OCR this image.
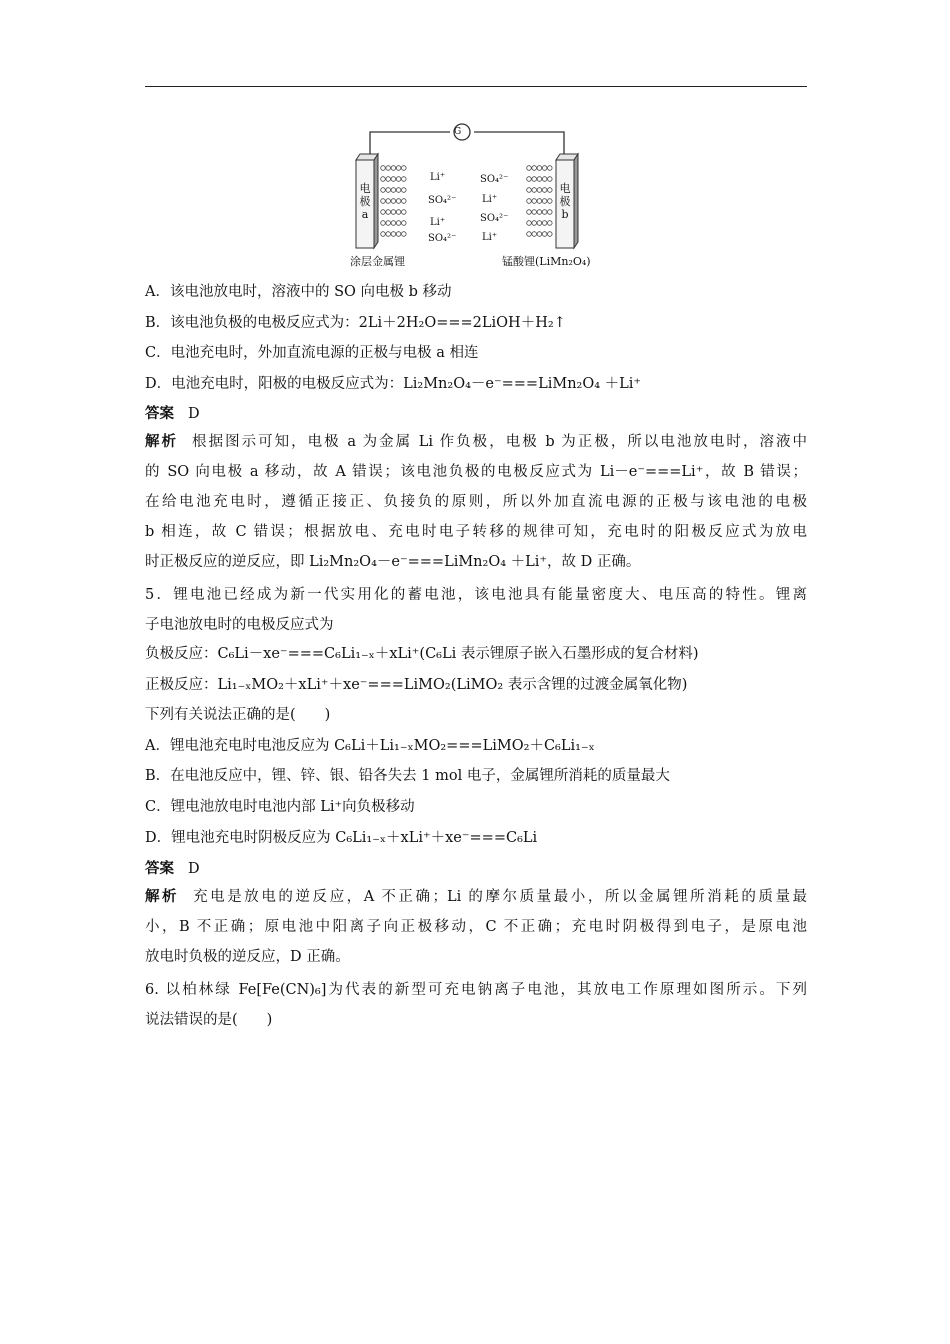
电
极
a
电
极
b
G
Li⁺
SO₄²⁻
Li⁺
SO₄²⁻
SO₄²⁻
Li⁺
SO₄²⁻
Li⁺
涂层金属锂	锰酸锂(LiMn₂O₄)
A．该电池放电时，溶液中的 SO 向电极 b 移动
B．该电池负极的电极反应式为：2Li＋2H₂O===2LiOH＋H₂↑
C．电池充电时，外加直流电源的正极与电极 a 相连
D．电池充电时，阳极的电极反应式为：Li₂Mn₂O₄－e⁻===LiMn₂O₄ ＋Li⁺
答案 D
解析 根据图示可知，电极 a 为金属 Li 作负极，电极 b 为正极，所以电池放电时，溶液中
的 SO 向电极 a 移动，故 A 错误；该电池负极的电极反应式为 Li－e⁻===Li⁺，故 B 错误；
在给电池充电时，遵循正接正、负接负的原则，所以外加直流电源的正极与该电池的电极
b 相连，故 C 错误；根据放电、充电时电子转移的规律可知，充电时的阳极反应式为放电
时正极反应的逆反应，即 Li₂Mn₂O₄－e⁻===LiMn₂O₄ ＋Li⁺，故 D 正确。
5．锂电池已经成为新一代实用化的蓄电池，该电池具有能量密度大、电压高的特性。锂离
子电池放电时的电极反应式为
负极反应：C₆Li－xe⁻===C₆Li₁₋ₓ＋xLi⁺(C₆Li 表示锂原子嵌入石墨形成的复合材料)
正极反应：Li₁₋ₓMO₂＋xLi⁺＋xe⁻===LiMO₂(LiMO₂ 表示含锂的过渡金属氧化物)
下列有关说法正确的是(　　)
A．锂电池充电时电池反应为 C₆Li＋Li₁₋ₓMO₂===LiMO₂＋C₆Li₁₋ₓ
B．在电池反应中，锂、锌、银、铅各失去 1 mol 电子，金属锂所消耗的质量最大
C．锂电池放电时电池内部 Li⁺向负极移动
D．锂电池充电时阴极反应为 C₆Li₁₋ₓ＋xLi⁺＋xe⁻===C₆Li
答案 D
解析 充电是放电的逆反应，A 不正确；Li 的摩尔质量最小，所以金属锂所消耗的质量最
小，B 不正确；原电池中阳离子向正极移动，C 不正确；充电时阴极得到电子，是原电池
放电时负极的逆反应，D 正确。
6. 以柏林绿 Fe[Fe(CN)₆]为代表的新型可充电钠离子电池，其放电工作原理如图所示。下列
说法错误的是(　　)
